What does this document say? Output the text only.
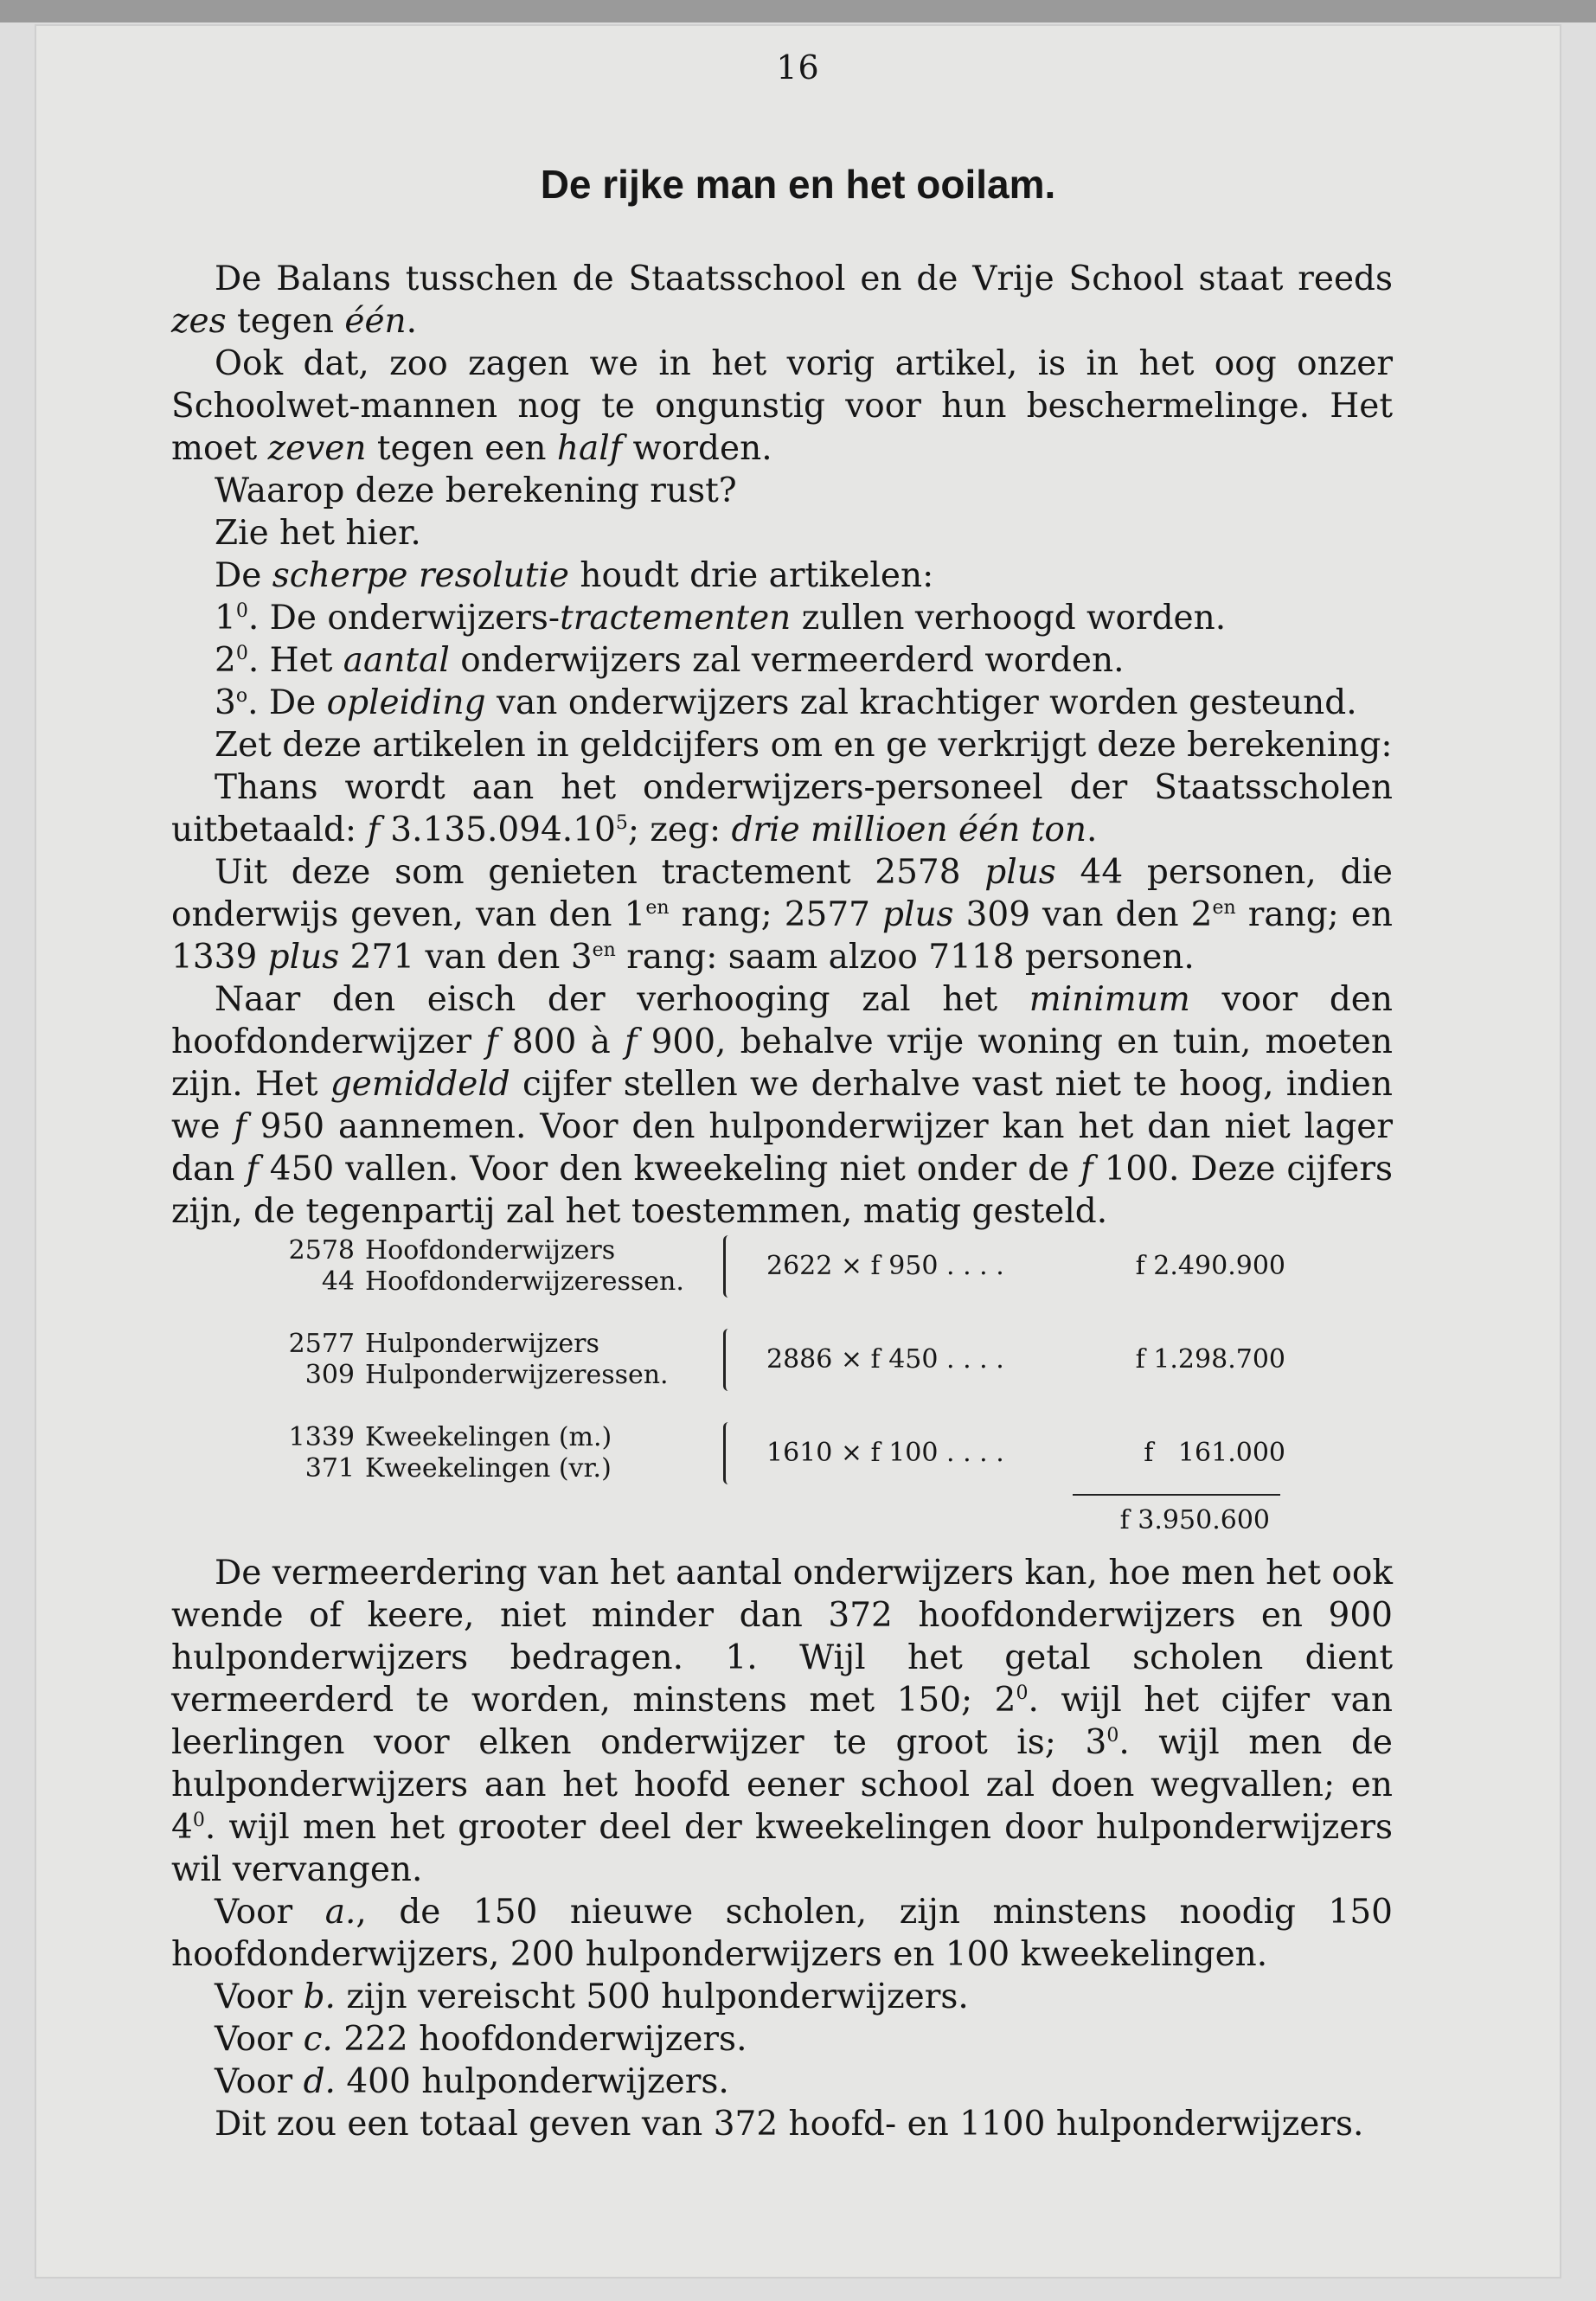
16
De rijke man en het ooilam.

De Balans tusschen de Staatsschool en de Vrije School staat reeds zes tegen één.

Ook dat, zoo zagen we in het vorig artikel, is in het oog onzer Schoolwet-mannen nog te ongunstig voor hun beschermelinge. Het moet zeven tegen een half worden.

Waarop deze berekening rust?

Zie het hier.

De scherpe resolutie houdt drie artikelen:

$1^0$. De onderwijzers-tractementen zullen verhoogd worden.

$2^0$. Het aantal onderwijzers zal vermeerderd worden.

3$^o$. De opleiding van onderwijzers zal krachtiger worden gesteund.

Zet deze artikelen in geldcijfers om en ge verkrijgt deze berekening:

Thans wordt aan het onderwijzers-personeel der Staatsscholen uitbetaald: f 3.135.094.10$^5$; zeg: drie millioen één ton.

Uit deze som genieten tractement 2578 plus 44 personen, die onderwijs geven, van den $1^{en}$ rang; 2577 plus 309 van den $2^{en}$ rang; en 1339 plus 271 van den $3^{en}$ rang: saam alzoo 7118 personen.

Naar den eisch der verhooging zal het minimum voor den hoofdonderwijzer f 800 à f 900, behalve vrije woning en tuin, moeten zijn. Het gemiddeld cijfer stellen we derhalve vast niet te hoog, indien we f 950 aannemen. Voor den hulponderwijzer kan het dan niet lager dan f 450 vallen. Voor den kweekeling niet onder de f 100. Deze cijfers zijn, de tegenpartij zal het toestemmen, matig gesteld.

2578 Hoofdonderwijzers
44 Hoofdonderwijzeressen.
2622 × f 950 . . . .	f 2.490.900
2577 Hulponderwijzers
309 Hulponderwijzeressen.
2886 × f 450 . . . .	f 1.298.700
1339 Kweekelingen (m.)
371 Kweekelingen (vr.)
1610 × f 100 . . . .	f   161.000
f 3.950.600

De vermeerdering van het aantal onderwijzers kan, hoe men het ook wende of keere, niet minder dan 372 hoofdonderwijzers en 900 hulponderwijzers bedragen. 1. Wijl het getal scholen dient vermeerderd te worden, minstens met 150; $2^0$. wijl het cijfer van leerlingen voor elken onderwijzer te groot is; $3^0$. wijl men de hulponderwijzers aan het hoofd eener school zal doen wegvallen; en $4^0$. wijl men het grooter deel der kweekelingen door hulponderwijzers wil vervangen.

Voor a., de 150 nieuwe scholen, zijn minstens noodig 150 hoofdonderwijzers, 200 hulponderwijzers en 100 kweekelingen.

Voor b. zijn vereischt 500 hulponderwijzers.

Voor c. 222 hoofdonderwijzers.

Voor d. 400 hulponderwijzers.

Dit zou een totaal geven van 372 hoofd- en 1100 hulponderwijzers.
